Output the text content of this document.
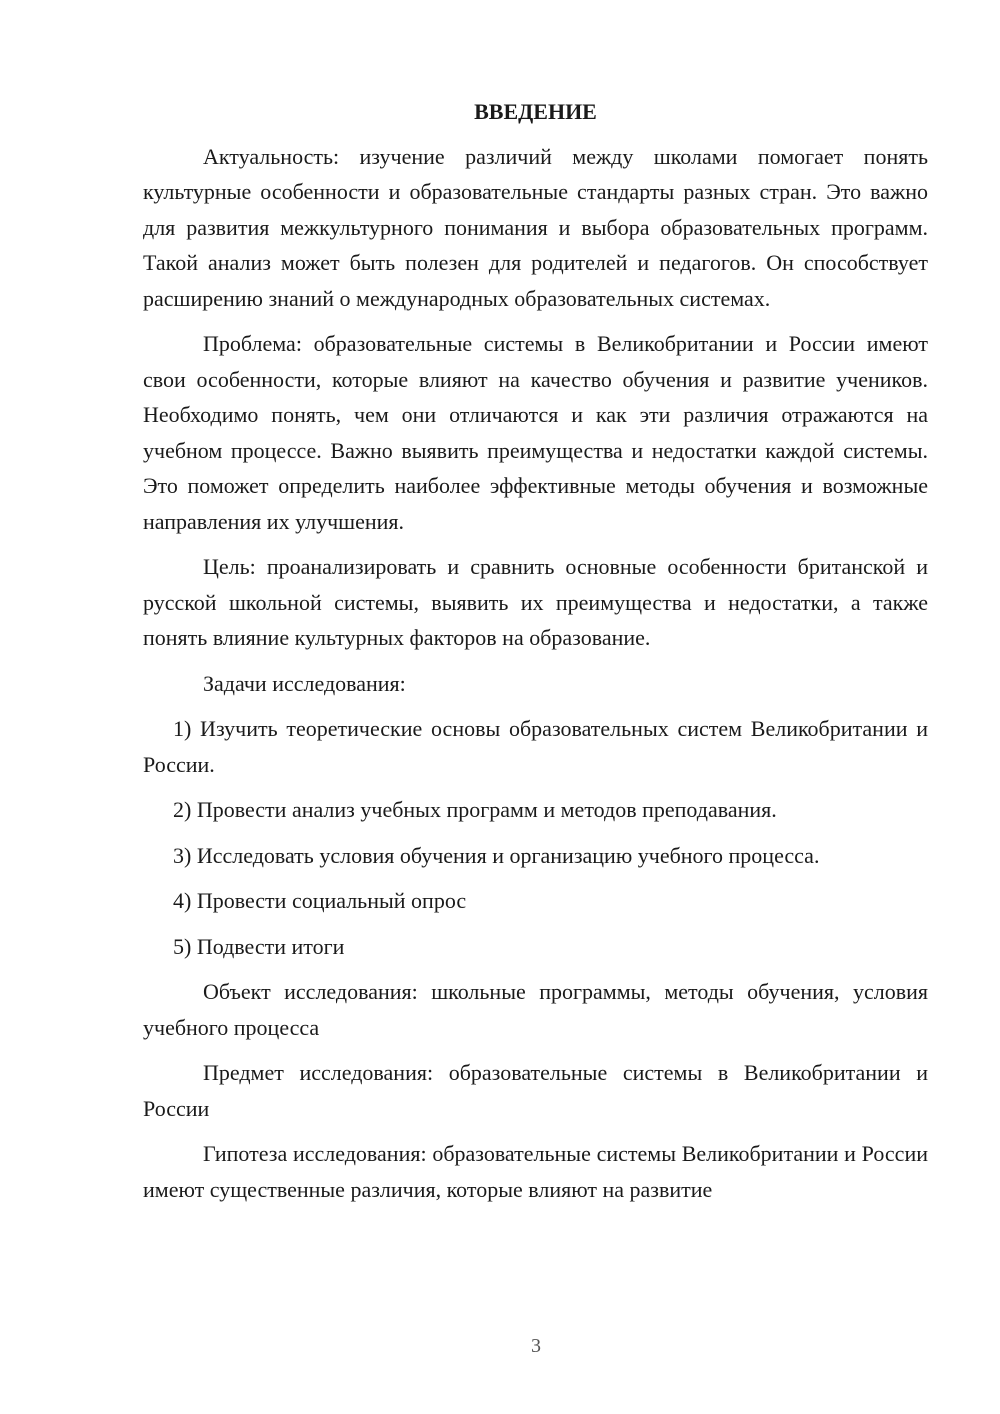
ВВЕДЕНИЕ

Актуальность: изучение различий между школами помогает понять культурные особенности и образовательные стандарты разных стран. Это важно для развития межкультурного понимания и выбора образовательных программ. Такой анализ может быть полезен для родителей и педагогов. Он способствует расширению знаний о международных образовательных системах.

Проблема: образовательные системы в Великобритании и России имеют свои особенности, которые влияют на качество обучения и развитие учеников. Необходимо понять, чем они отличаются и как эти различия отражаются на учебном процессе. Важно выявить преимущества и недостатки каждой системы. Это поможет определить наиболее эффективные методы обучения и возможные направления их улучшения.

Цель: проанализировать и сравнить основные особенности британской и русской школьной системы, выявить их преимущества и недостатки, а также понять влияние культурных факторов на образование.

Задачи исследования:

1) Изучить теоретические основы образовательных систем Великобритании и России.

2) Провести анализ учебных программ и методов преподавания.

3) Исследовать условия обучения и организацию учебного процесса.

4) Провести социальный опрос

5) Подвести итоги

Объект исследования: школьные программы, методы обучения, условия учебного процесса

Предмет исследования: образовательные системы в Великобритании и России

Гипотеза исследования: образовательные системы Великобритании и России имеют существенные различия, которые влияют на развитие

3
